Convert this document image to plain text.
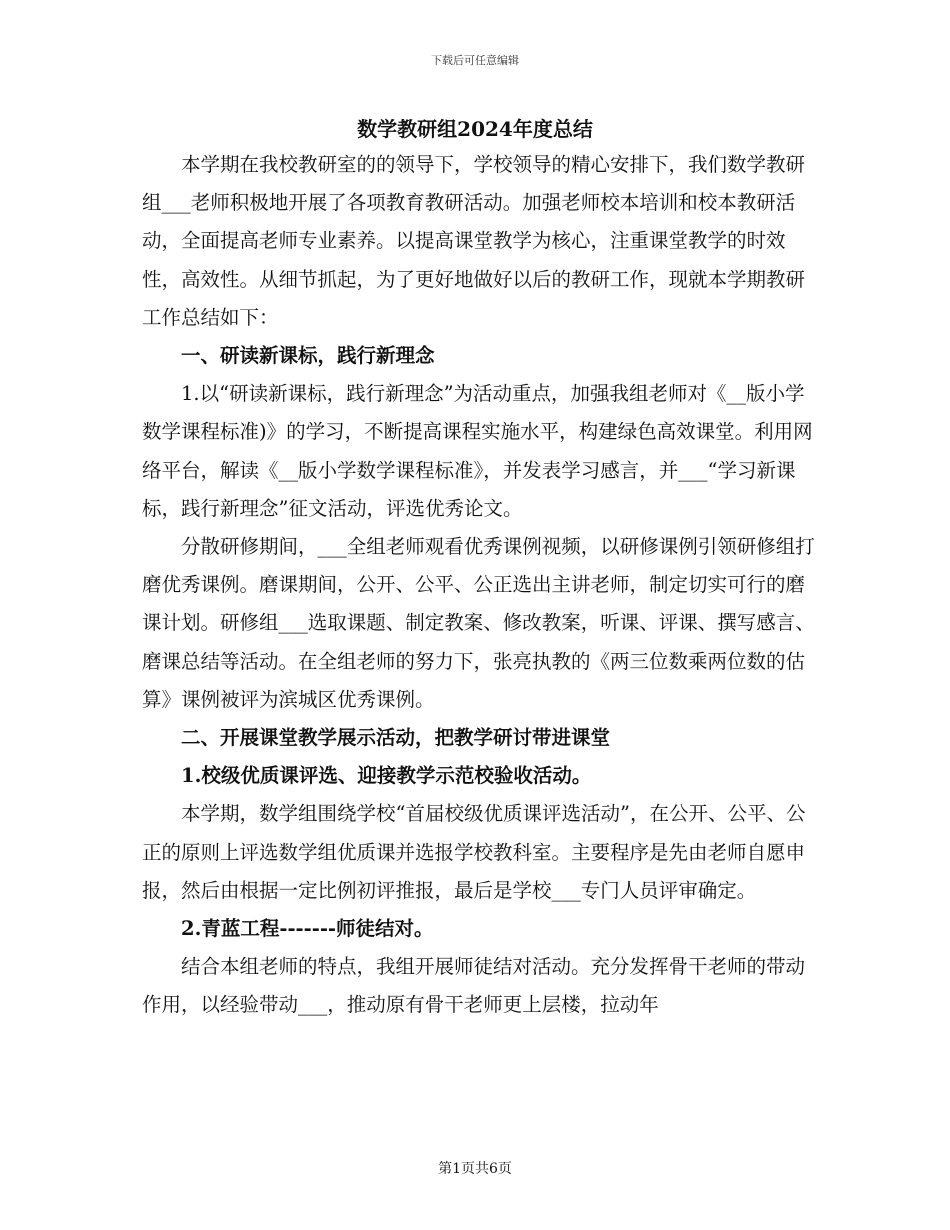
下载后可任意编辑
数学教研组2024年度总结

本学期在我校教研室的的领导下，学校领导的精心安排下，我们数学教研组___老师积极地开展了各项教育教研活动。加强老师校本培训和校本教研活动，全面提高老师专业素养。以提高课堂教学为核心，注重课堂教学的时效性，高效性。从细节抓起，为了更好地做好以后的教研工作，现就本学期教研工作总结如下：

一、研读新课标，践行新理念

1.以“研读新课标，践行新理念”为活动重点，加强我组老师对《__版小学数学课程标准)》的学习，不断提高课程实施水平，构建绿色高效课堂。利用网络平台，解读《__版小学数学课程标准》，并发表学习感言，并___“学习新课标，践行新理念”征文活动，评选优秀论文。

分散研修期间，___全组老师观看优秀课例视频，以研修课例引领研修组打磨优秀课例。磨课期间，公开、公平、公正选出主讲老师，制定切实可行的磨课计划。研修组___选取课题、制定教案、修改教案，听课、评课、撰写感言、磨课总结等活动。在全组老师的努力下，张亮执教的《两三位数乘两位数的估算》课例被评为滨城区优秀课例。

二、开展课堂教学展示活动，把教学研讨带进课堂

1.校级优质课评选、迎接教学示范校验收活动。

本学期，数学组围绕学校“首届校级优质课评选活动”，在公开、公平、公正的原则上评选数学组优质课并选报学校教科室。主要程序是先由老师自愿申报，然后由根据一定比例初评推报，最后是学校___专门人员评审确定。

2.青蓝工程-------师徒结对。

结合本组老师的特点，我组开展师徒结对活动。充分发挥骨干老师的带动作用，以经验带动___，推动原有骨干老师更上层楼，拉动年

第1页共6页
